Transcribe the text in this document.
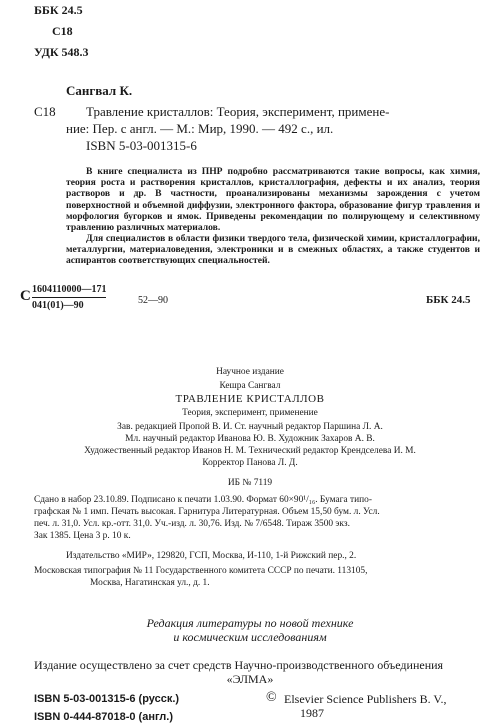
ББК 24.5
С18
УДК 548.3
Сангвал К.
С18 Травление кристаллов: Теория, эксперимент, примене-
ние: Пер. с англ. — М.: Мир, 1990. — 492 с., ил.
ISBN 5-03-001315-6
В книге специалиста из ПНР подробно рассматриваются такие вопросы, как химия, теория роста и растворения кристаллов, кристаллография, дефекты и их анализ, теория растворов и др. В частности, проанализированы механизмы зарождения с учетом поверхностной и объемной диффузии, электронного фактора, образование фигур травления и морфология бугорков и ямок. Приведены рекомендации по полирующему и селективному травлению различных материалов.
Для специалистов в области физики твердого тела, физической химии, кристаллографии, металлургии, материаловедения, электроники и в смежных областях, а также студентов и аспирантов соответствующих специальностей.
С 1604110000—171
041(01)—90	52—90	ББК 24.5
Научное издание
Кешра Сангвал
ТРАВЛЕНИЕ КРИСТАЛЛОВ
Теория, эксперимент, применение
Зав. редакцией Пропой В. И. Ст. научный редактор Паршина Л. А.
Мл. научный редактор Иванова Ю. В. Художник Захаров А. В.
Художественный редактор Иванов Н. М. Технический редактор Крендселева И. М.
Корректор Панова Л. Д.
ИБ № 7119
Сдано в набор 23.10.89. Подписано к печати 1.03.90. Формат 60×90¹/₁₆. Бумага типо-
графская № 1 имп. Печать высокая. Гарнитура Литературная. Объем 15,50 бум. л. Усл.
печ. л. 31,0. Усл. кр.-отт. 31,0. Уч.-изд. л. 30,76. Изд. № 7/6548. Тираж 3500 экз.
Зак 1385. Цена 3 р. 10 к.
Издательство «МИР», 129820, ГСП, Москва, И-110, 1-й Рижский пер., 2.
Московская типография № 11 Государственного комитета СССР по печати. 113105,
Москва, Нагатинская ул., д. 1.
Редакция литературы по новой технике
и космическим исследованиям
Издание осуществлено за счет средств Научно-производственного объединения
«ЭЛМА»
ISBN 5-03-001315-6 (русск.)
ISBN 0-444-87018-0 (англ.)
© Elsevier Science Publishers B. V.,
1987
